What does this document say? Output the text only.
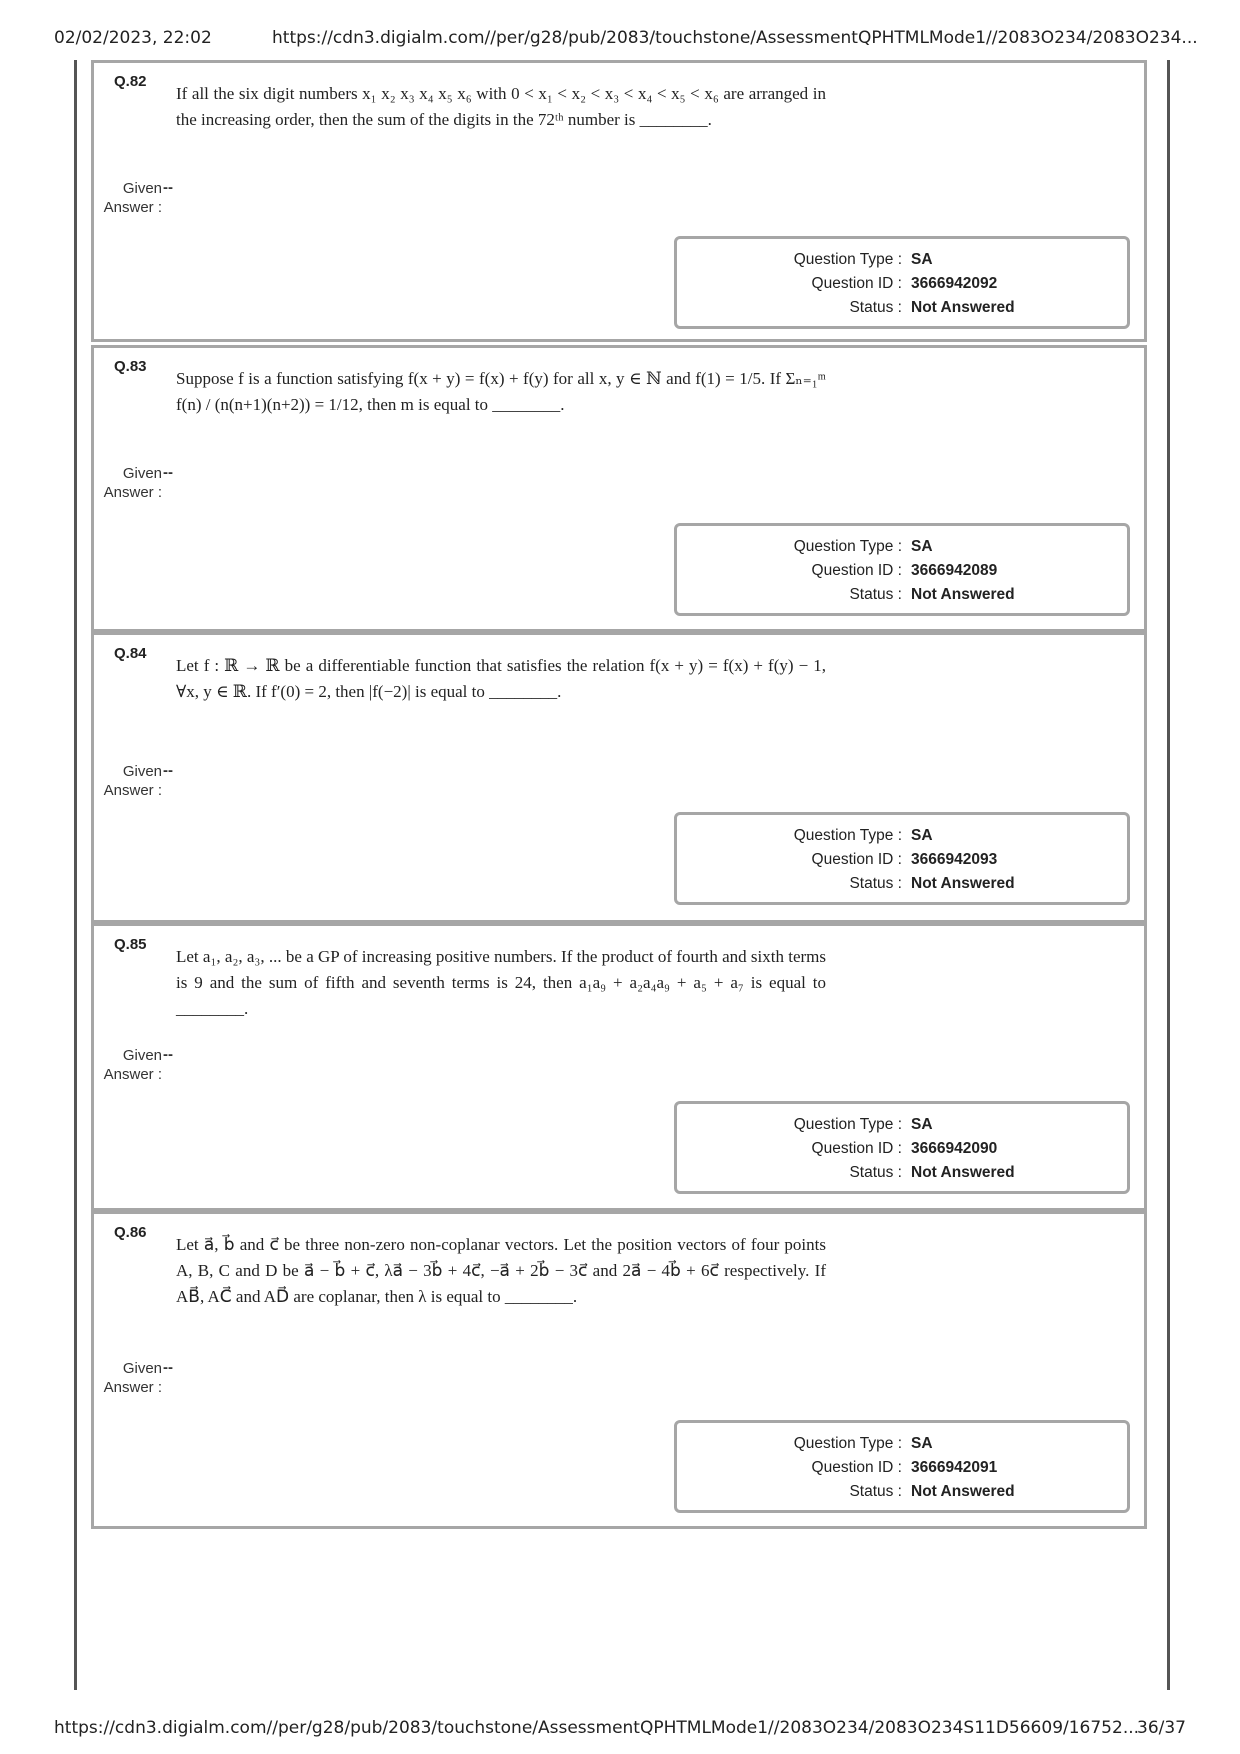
02/02/2023, 22:02	https://cdn3.digialm.com//per/g28/pub/2083/touchstone/AssessmentQPHTMLMode1//2083O234/2083O234...
Q.82
If all the six digit numbers x₁ x₂ x₃ x₄ x₅ x₆ with 0 < x₁ < x₂ < x₃ < x₄ < x₅ < x₆ are arranged in the increasing order, then the sum of the digits in the 72ᵗʰ number is ________.
Given Answer :
--
Question Type : SA
Question ID : 3666942092
Status : Not Answered
Q.83
Suppose f is a function satisfying f(x + y) = f(x) + f(y) for all x, y ∈ ℕ and f(1) = 1/5. If Σₙ₌₁ᵐ f(n) / (n(n+1)(n+2)) = 1/12, then m is equal to ________.
Given Answer :
--
Question Type : SA
Question ID : 3666942089
Status : Not Answered
Q.84
Let f : ℝ → ℝ be a differentiable function that satisfies the relation f(x + y) = f(x) + f(y) − 1, ∀x, y ∈ ℝ. If f′(0) = 2, then |f(−2)| is equal to ________.
Given Answer :
--
Question Type : SA
Question ID : 3666942093
Status : Not Answered
Q.85
Let a₁, a₂, a₃, ... be a GP of increasing positive numbers. If the product of fourth and sixth terms is 9 and the sum of fifth and seventh terms is 24, then a₁a₉ + a₂a₄a₉ + a₅ + a₇ is equal to ________.
Given Answer :
--
Question Type : SA
Question ID : 3666942090
Status : Not Answered
Q.86
Let a⃗, b⃗ and c⃗ be three non-zero non-coplanar vectors. Let the position vectors of four points A, B, C and D be a⃗ − b⃗ + c⃗, λa⃗ − 3b⃗ + 4c⃗, −a⃗ + 2b⃗ − 3c⃗ and 2a⃗ − 4b⃗ + 6c⃗ respectively. If AB⃗, AC⃗ and AD⃗ are coplanar, then λ is equal to ________.
Given Answer :
--
Question Type : SA
Question ID : 3666942091
Status : Not Answered
https://cdn3.digialm.com//per/g28/pub/2083/touchstone/AssessmentQPHTMLMode1//2083O234/2083O234S11D56609/16752...
36/37
